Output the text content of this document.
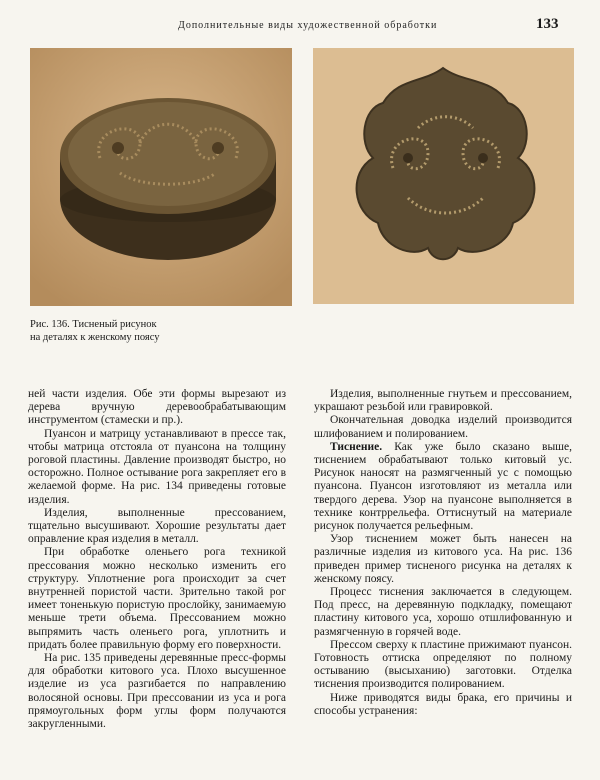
Дополнительные виды художественной обработки	133
Рис. 136. Тисненый рисунок
на деталях к женскому поясу

ней части изделия. Обе эти формы вырезают из дерева вручную деревообрабатывающим инструментом (стамески и пр.).

Пуансон и матрицу устанавливают в прессе так, чтобы матрица отстояла от пуансона на толщину роговой пластины. Давление производят быстро, но осторожно. Полное остывание рога закрепляет его в желаемой форме. На рис. 134 приведены готовые изделия.

Изделия, выполненные прессованием, тщательно высушивают. Хорошие результаты дает оправление края изделия в металл.

При обработке оленьего рога техникой прессования можно несколько изменить его структуру. Уплотнение рога происходит за счет внутренней пористой части. Зрительно такой рог имеет тоненькую пористую прослойку, занимаемую меньше трети объема. Прессованием можно выпрямить часть оленьего рога, уплотнить и придать более правильную форму его поверхности.

На рис. 135 приведены деревянные пресс-формы для обработки китового уса. Плохо высушенное изделие из уса разгибается по направлению волосяной основы. При прессовании из уса и рога прямоугольных форм углы форм получаются закругленными.

Изделия, выполненные гнутьем и прессованием, украшают резьбой или гравировкой.

Окончательная доводка изделий производится шлифованием и полированием.

Тиснение. Как уже было сказано выше, тиснением обрабатывают только китовый ус. Рисунок наносят на размягченный ус с помощью пуансона. Пуансон изготовляют из металла или твердого дерева. Узор на пуансоне выполняется в технике контррельефа. Оттиснутый на материале рисунок получается рельефным.

Узор тиснением может быть нанесен на различные изделия из китового уса. На рис. 136 приведен пример тисненого рисунка на деталях к женскому поясу.

Процесс тиснения заключается в следующем. Под пресс, на деревянную подкладку, помещают пластину китового уса, хорошо отшлифованную и размягченную в горячей воде.

Прессом сверху к пластине прижимают пуансон. Готовность оттиска определяют по полному остыванию (высыханию) заготовки. Отделка тиснения производится полированием.

Ниже приводятся виды брака, его причины и способы устранения:
